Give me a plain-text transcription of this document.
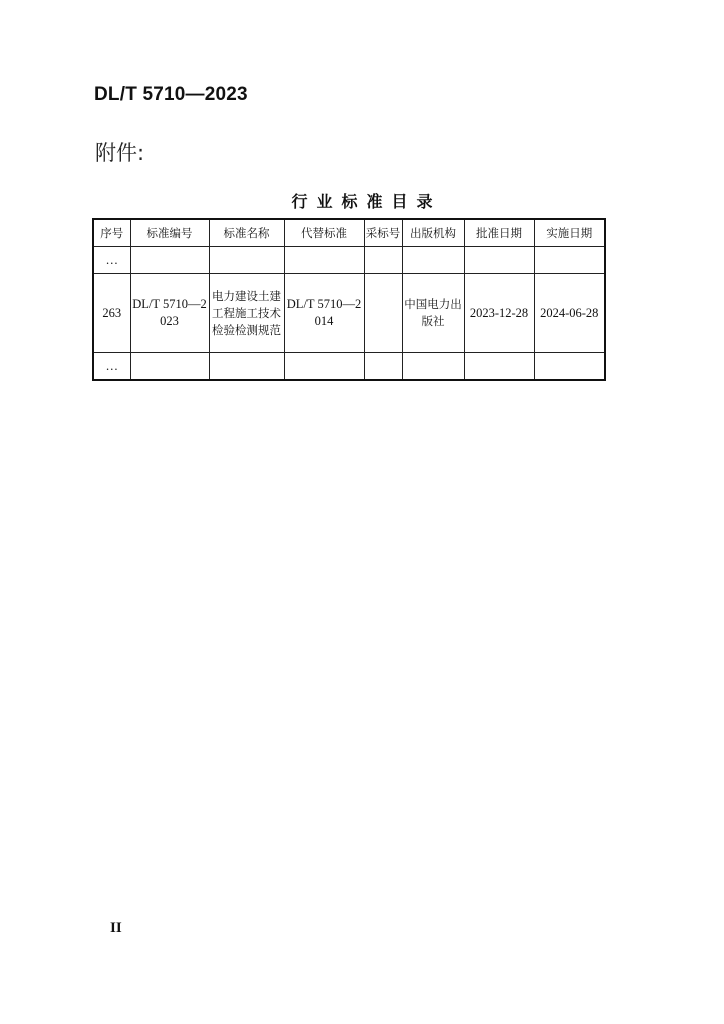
DL/T 5710—2023
附件:
行业标准目录
序号	标准编号	标准名称	代替标准	采标号	出版机构	批准日期	实施日期
…							
263	DL/T 5710—2023	电力建设土建工程施工技术检验检测规范	DL/T 5710—2014		中国电力出版社	2023-12-28	2024-06-28
…							
II
